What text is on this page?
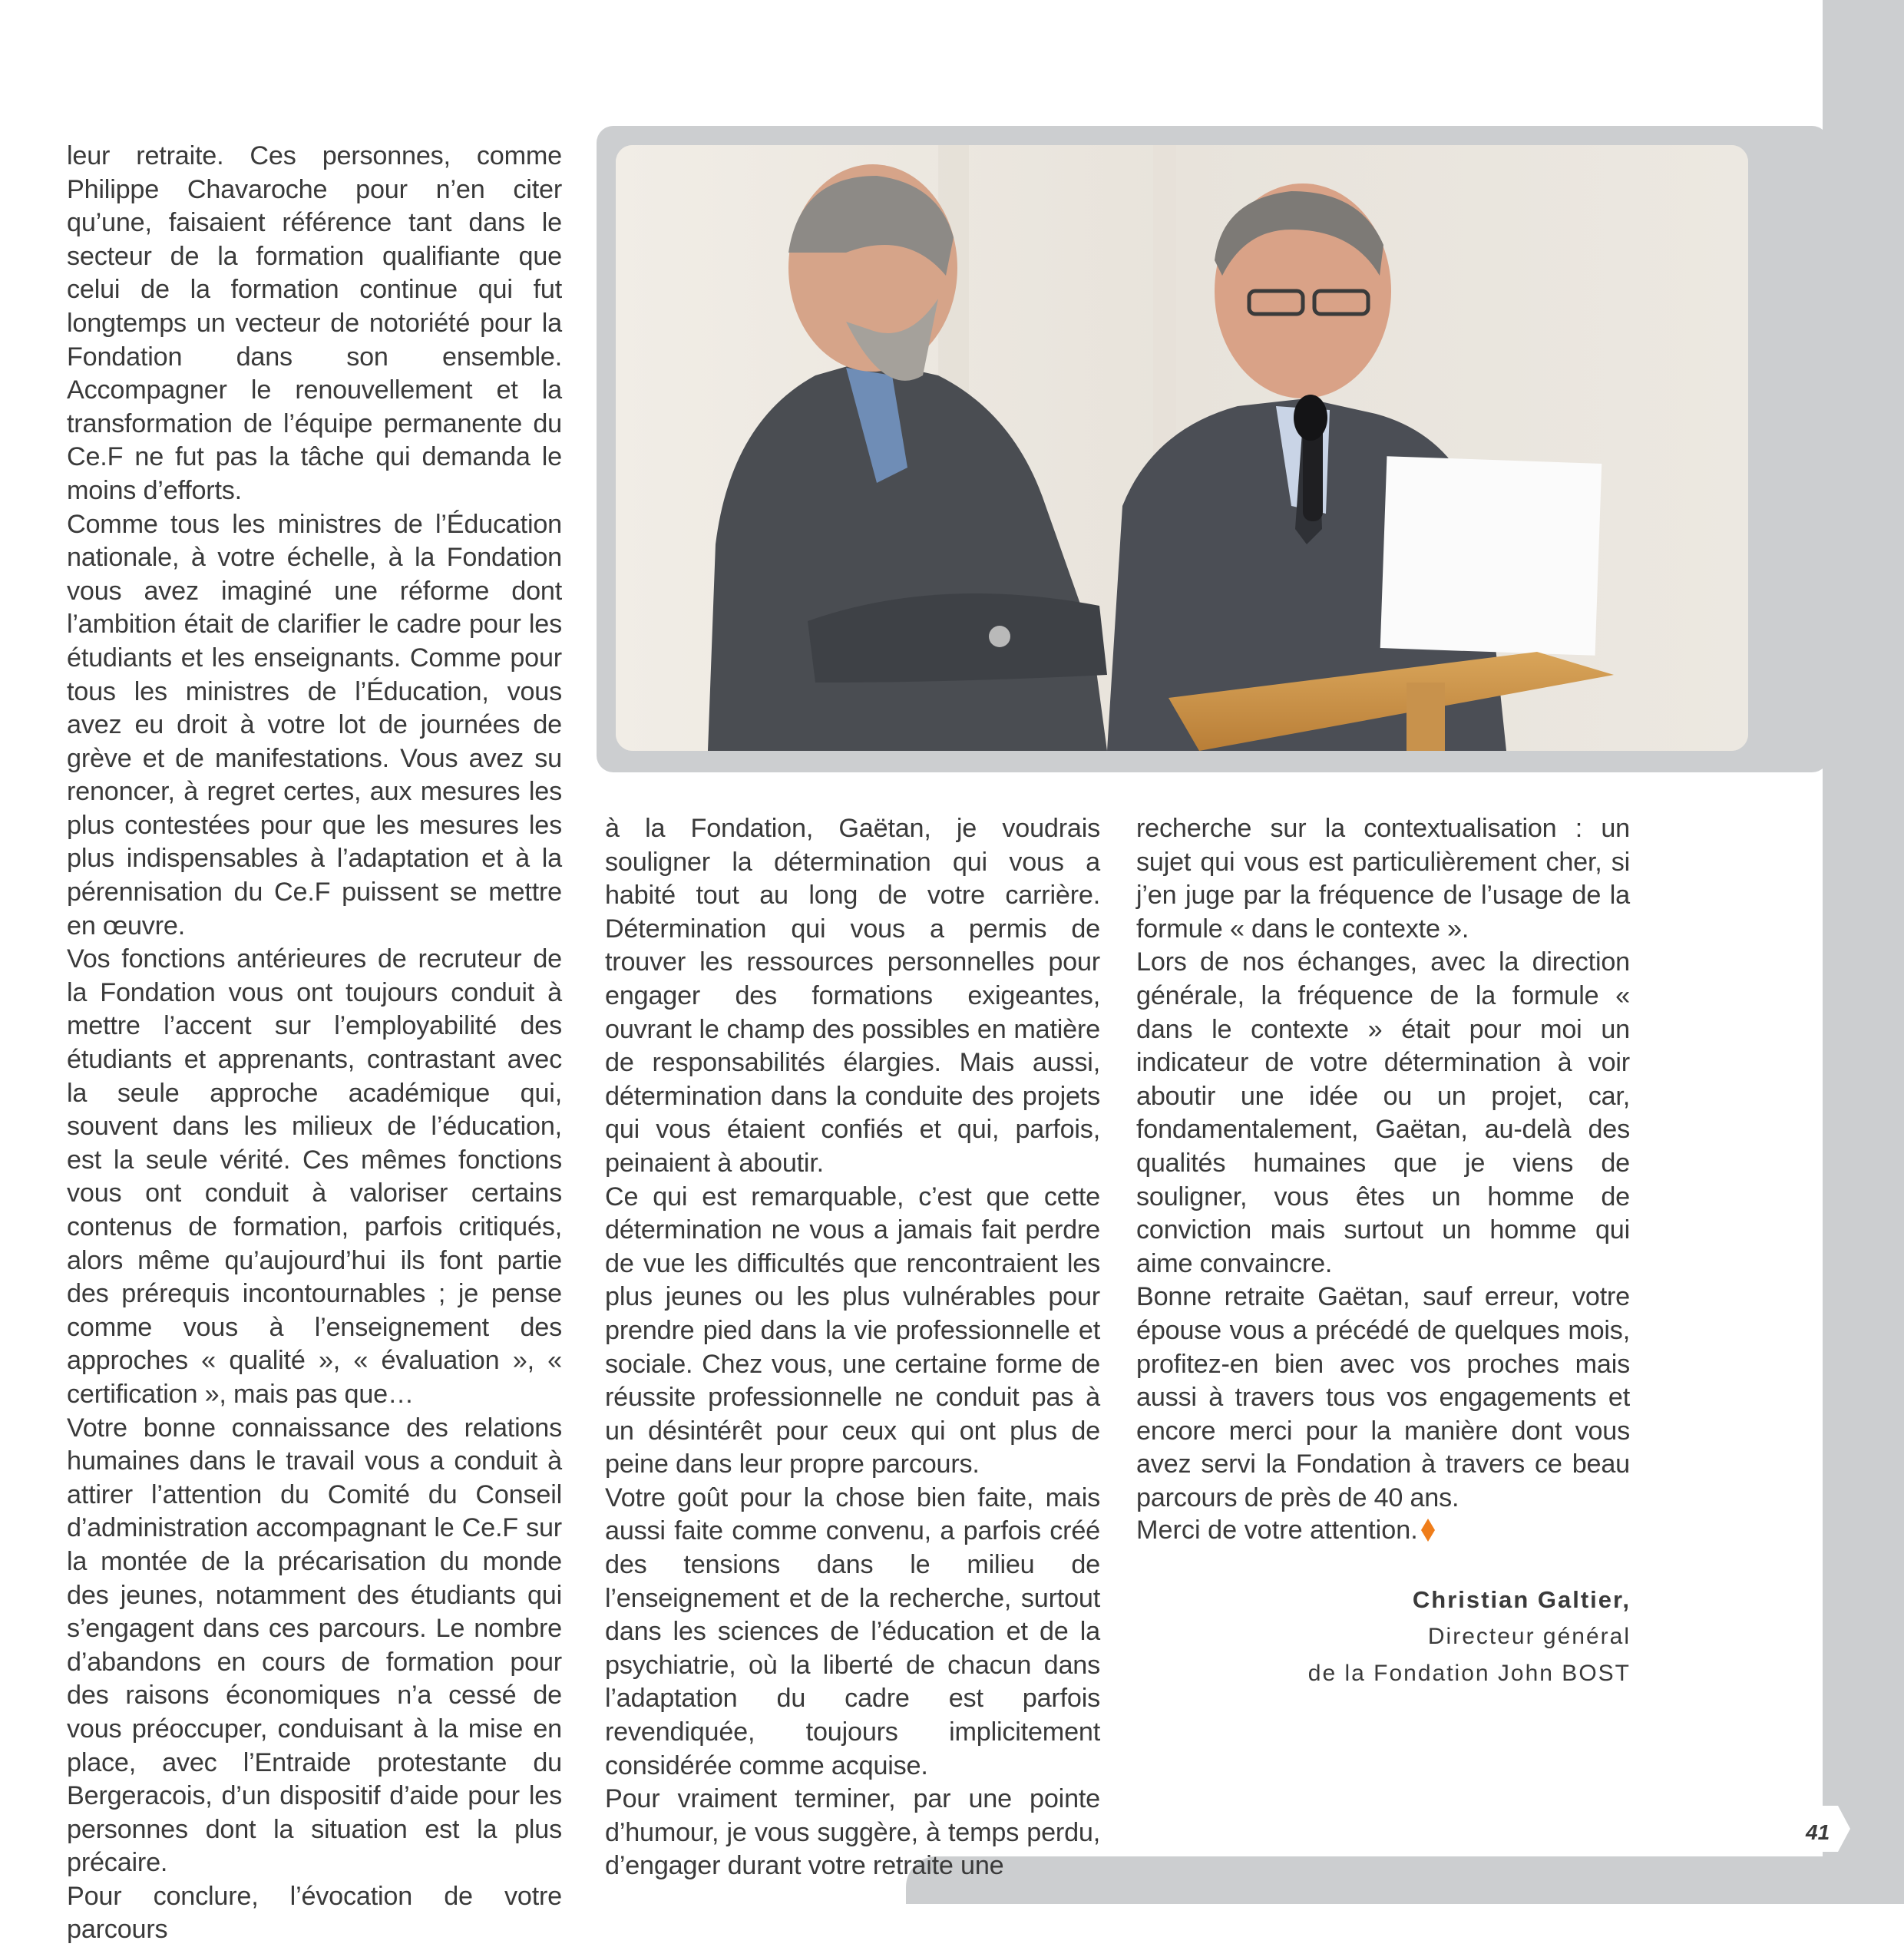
leur retraite. Ces personnes, comme Philippe Chavaroche pour n’en citer qu’une, faisaient référence tant dans le secteur de la formation qualifiante que celui de la formation continue qui fut longtemps un vecteur de notoriété pour la Fondation dans son ensemble. Accompagner le renouvellement et la transformation de l’équipe permanente du Ce.F ne fut pas la tâche qui demanda le moins d’efforts.

Comme tous les ministres de l’Éducation nationale, à votre échelle, à la Fondation vous avez imaginé une réforme dont l’ambition était de clarifier le cadre pour les étudiants et les enseignants. Comme pour tous les ministres de l’Éducation, vous avez eu droit à votre lot de journées de grève et de manifestations. Vous avez su renoncer, à regret certes, aux mesures les plus contestées pour que les mesures les plus indispensables à l’adaptation et à la pérennisation du Ce.F puissent se mettre en œuvre.

Vos fonctions antérieures de recruteur de la Fondation vous ont toujours conduit à mettre l’accent sur l’employabilité des étudiants et apprenants, contrastant avec la seule approche académique qui, souvent dans les milieux de l’éducation, est la seule vérité. Ces mêmes fonctions vous ont conduit à valoriser certains contenus de formation, parfois critiqués, alors même qu’aujourd’hui ils font partie des prérequis incontournables ; je pense comme vous à l’enseignement des approches « qualité », « évaluation », « certification », mais pas que…

Votre bonne connaissance des relations humaines dans le travail vous a conduit à attirer l’attention du Comité du Conseil d’administration accompagnant le Ce.F sur la montée de la précarisation du monde des jeunes, notamment des étudiants qui s’engagent dans ces parcours. Le nombre d’abandons en cours de formation pour des raisons économiques n’a cessé de vous préoccuper, conduisant à la mise en place, avec l’Entraide protestante du Bergeracois, d’un dispositif d’aide pour les personnes dont la situation est la plus précaire.

Pour conclure, l’évocation de votre parcours

à la Fondation, Gaëtan, je voudrais souligner la détermination qui vous a habité tout au long de votre carrière. Détermination qui vous a permis de trouver les ressources personnelles pour engager des formations exigeantes, ouvrant le champ des possibles en matière de responsabilités élargies. Mais aussi, détermination dans la conduite des projets qui vous étaient confiés et qui, parfois, peinaient à aboutir.

Ce qui est remarquable, c’est que cette détermination ne vous a jamais fait perdre de vue les difficultés que rencontraient les plus jeunes ou les plus vulnérables pour prendre pied dans la vie professionnelle et sociale. Chez vous, une certaine forme de réussite professionnelle ne conduit pas à un désintérêt pour ceux qui ont plus de peine dans leur propre parcours.

Votre goût pour la chose bien faite, mais aussi faite comme convenu, a parfois créé des tensions dans le milieu de l’enseignement et de la recherche, surtout dans les sciences de l’éducation et de la psychiatrie, où la liberté de chacun dans l’adaptation du cadre est parfois revendiquée, toujours implicitement considérée comme acquise.

Pour vraiment terminer, par une pointe d’humour, je vous suggère, à temps perdu, d’engager durant votre retraite une

recherche sur la contextualisation : un sujet qui vous est particulièrement cher, si j’en juge par la fréquence de l’usage de la formule « dans le contexte ».

Lors de nos échanges, avec la direction générale, la fréquence de la formule « dans le contexte » était pour moi un indicateur de votre détermination à voir aboutir une idée ou un projet, car, fondamentalement, Gaëtan, au-delà des qualités humaines que je viens de souligner, vous êtes un homme de conviction mais surtout un homme qui aime convaincre.

Bonne retraite Gaëtan, sauf erreur, votre épouse vous a précédé de quelques mois, profitez-en bien avec vos proches mais aussi à travers tous vos engagements et encore merci pour la manière dont vous avez servi la Fondation à travers ce beau parcours de près de 40 ans.

Merci de votre attention.

Christian Galtier,
Directeur général
de la Fondation John BOST
41
